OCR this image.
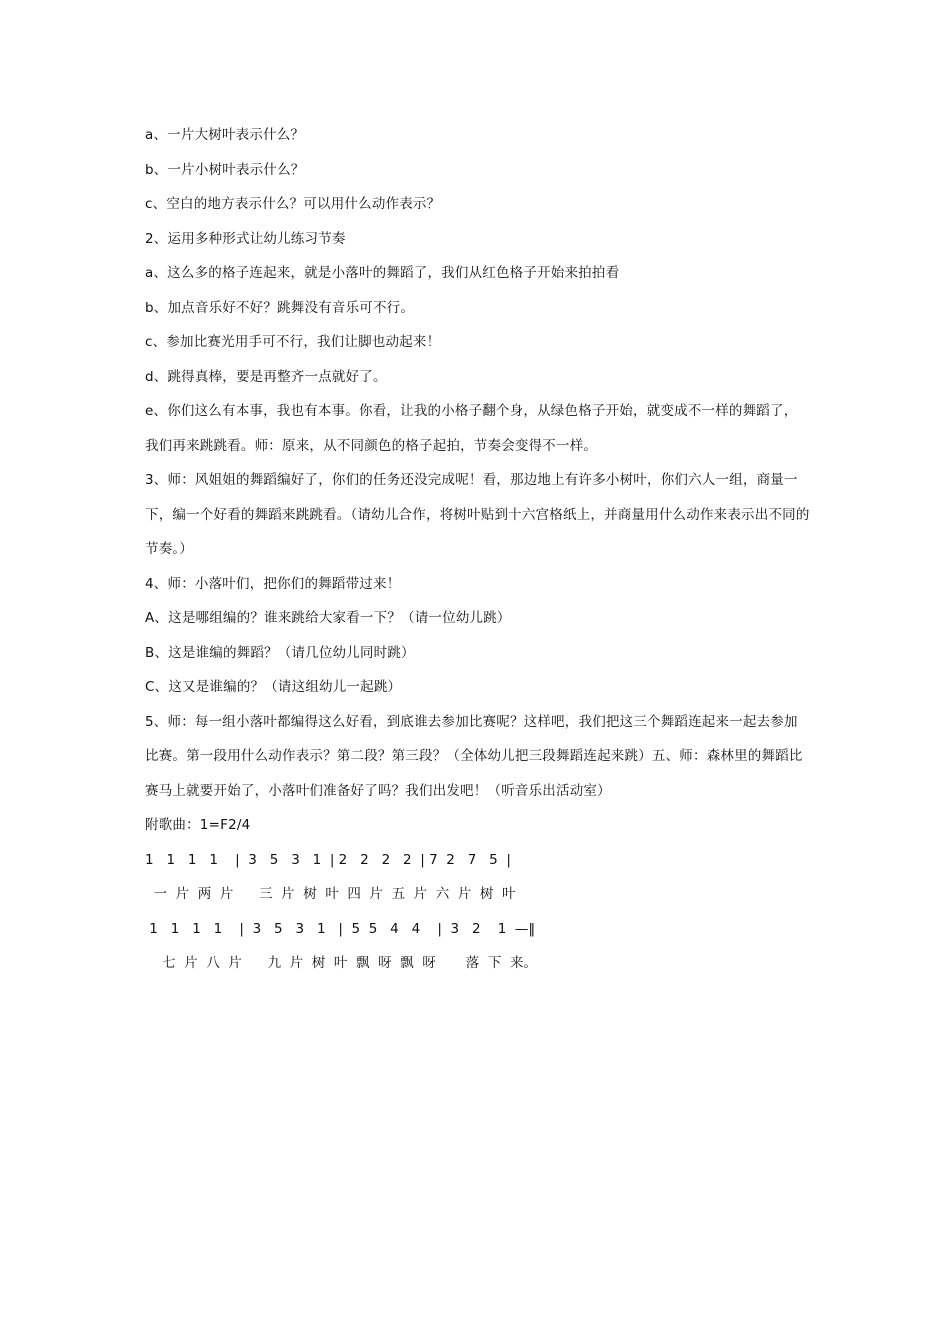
a、一片大树叶表示什么？

b、一片小树叶表示什么？

c、空白的地方表示什么？可以用什么动作表示？

2、运用多种形式让幼儿练习节奏

a、这么多的格子连起来，就是小落叶的舞蹈了，我们从红色格子开始来拍拍看

b、加点音乐好不好？跳舞没有音乐可不行。

c、参加比赛光用手可不行，我们让脚也动起来！

d、跳得真棒，要是再整齐一点就好了。

e、你们这么有本事，我也有本事。你看，让我的小格子翻个身，从绿色格子开始，就变成不一样的舞蹈了，我们再来跳跳看。师：原来，从不同颜色的格子起拍，节奏会变得不一样。

3、师：风姐姐的舞蹈编好了，你们的任务还没完成呢！看，那边地上有许多小树叶，你们六人一组，商量一下，编一个好看的舞蹈来跳跳看。（请幼儿合作，将树叶贴到十六宫格纸上，并商量用什么动作来表示出不同的节奏。）

4、师：小落叶们，把你们的舞蹈带过来！

A、这是哪组编的？谁来跳给大家看一下？（请一位幼儿跳）

B、这是谁编的舞蹈？（请几位幼儿同时跳）

C、这又是谁编的？（请这组幼儿一起跳）

5、师：每一组小落叶都编得这么好看，到底谁去参加比赛呢？这样吧，我们把这三个舞蹈连起来一起去参加比赛。第一段用什么动作表示？第二段？第三段？（全体幼儿把三段舞蹈连起来跳）五、师：森林里的舞蹈比赛马上就要开始了，小落叶们准备好了吗？我们出发吧！（听音乐出活动室）

附歌曲：1=F2/4

1   1   1   1    |  3   5   3   1  | 2   2   2   2  | 7  2   7   5  |

一  片  两  片      三  片  树  叶  四  片  五  片  六  片  树  叶

1   1   1   1    |  3   5   3   1   |  5  5   4   4    |  3   2    1  —‖

七  片  八  片      九  片  树  叶  飘  呀  飘  呀       落  下  来。
